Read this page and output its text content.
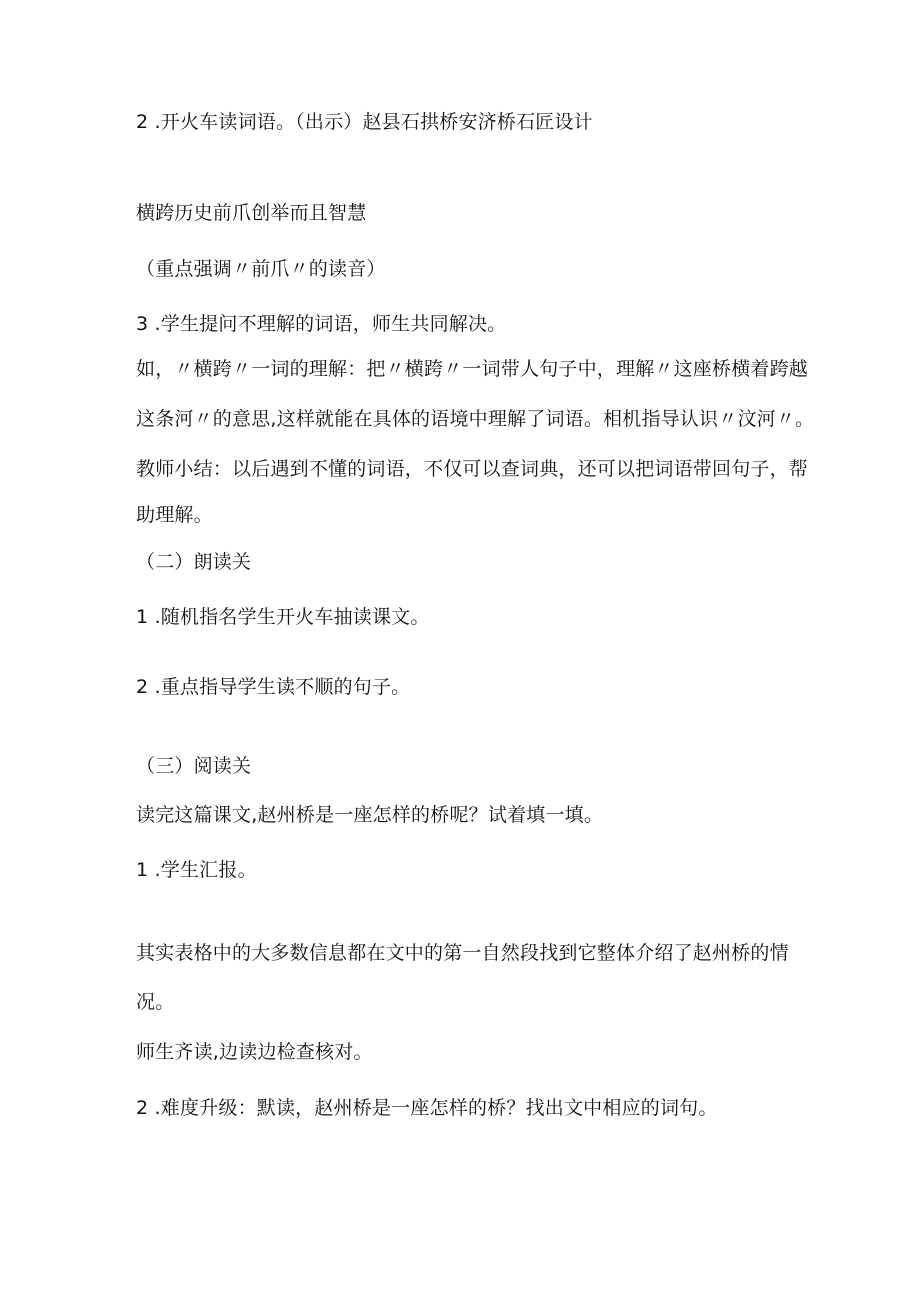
2 .开火车读词语。（出示）赵县石拱桥安济桥石匠设计
横跨历史前爪创举而且智慧
（重点强调〃前爪〃的读音）
3 .学生提问不理解的词语，师生共同解决。
如，〃横跨〃一词的理解：把〃横跨〃一词带人句子中，理解〃这座桥横着跨越
这条河〃的意思,这样就能在具体的语境中理解了词语。相机指导认识〃汶河〃。
教师小结：以后遇到不懂的词语，不仅可以查词典，还可以把词语带回句子，帮
助理解。
（二）朗读关
1 .随机指名学生开火车抽读课文。
2 .重点指导学生读不顺的句子。
（三）阅读关
读完这篇课文,赵州桥是一座怎样的桥呢？试着填一填。
1 .学生汇报。
其实表格中的大多数信息都在文中的第一自然段找到它整体介绍了赵州桥的情
况。
师生齐读,边读边检查核对。
2 .难度升级：默读，赵州桥是一座怎样的桥？找出文中相应的词句。
